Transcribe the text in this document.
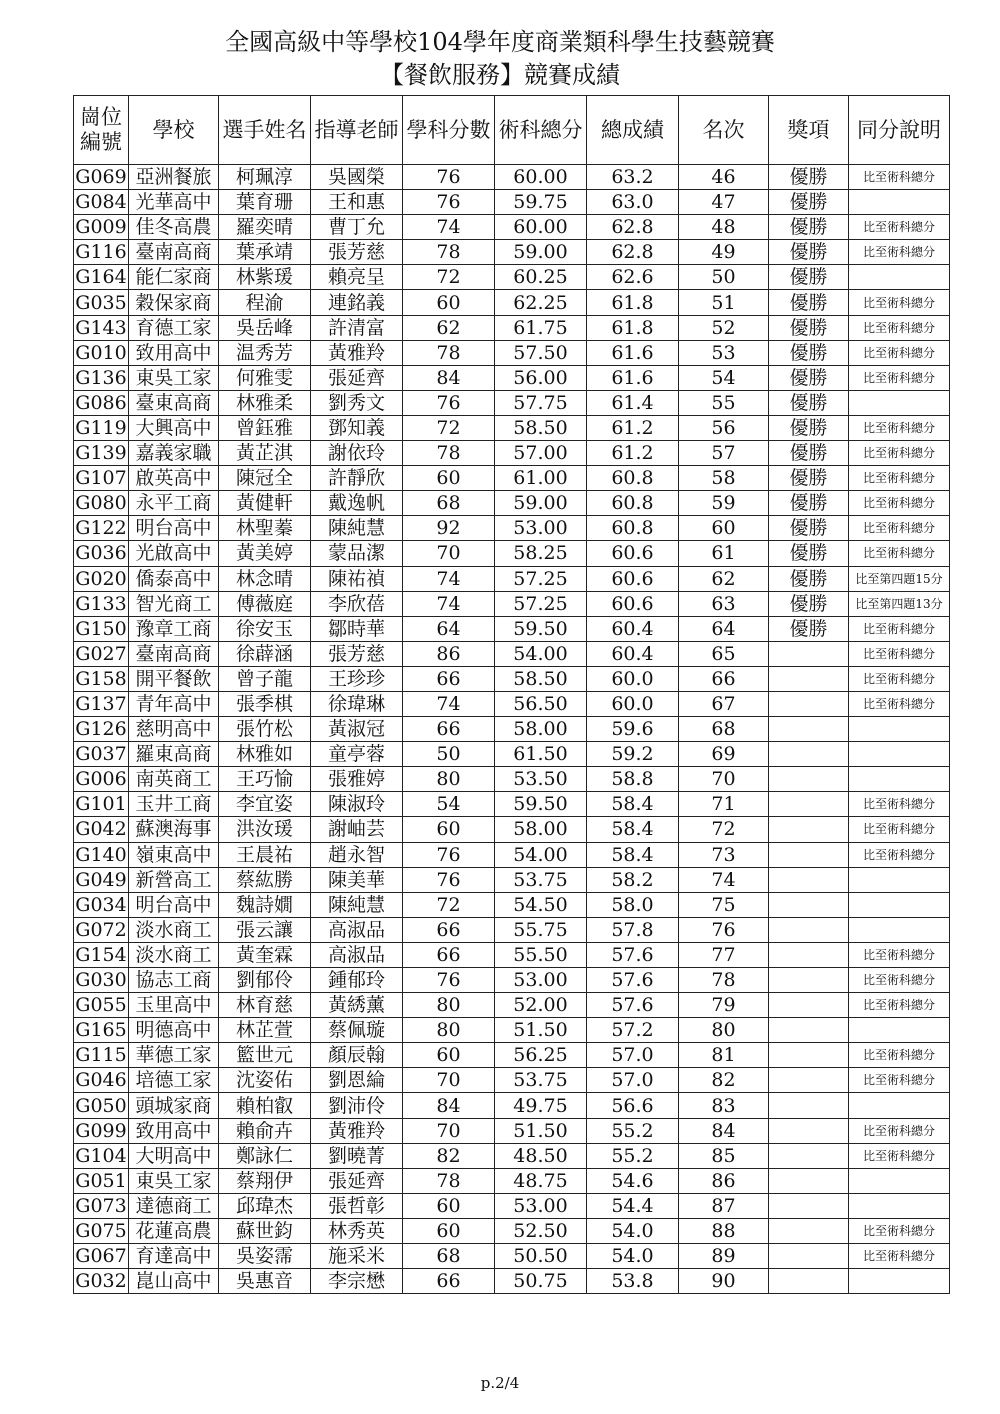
全國高級中等學校104學年度商業類科學生技藝競賽
【餐飲服務】競賽成績
崗位
編號	學校	選手姓名	指導老師	學科分數	術科總分	總成績	名次	獎項	同分說明
G069	亞洲餐旅	柯珮淳	吳國榮	76	60.00	63.2	46	優勝	比至術科總分
G084	光華高中	葉育珊	王和惠	76	59.75	63.0	47	優勝	
G009	佳冬高農	羅奕晴	曹丁允	74	60.00	62.8	48	優勝	比至術科總分
G116	臺南高商	葉承靖	張芳慈	78	59.00	62.8	49	優勝	比至術科總分
G164	能仁家商	林紫瑗	賴亮呈	72	60.25	62.6	50	優勝	
G035	穀保家商	程渝	連銘義	60	62.25	61.8	51	優勝	比至術科總分
G143	育德工家	吳岳峰	許清富	62	61.75	61.8	52	優勝	比至術科總分
G010	致用高中	温秀芳	黃雅羚	78	57.50	61.6	53	優勝	比至術科總分
G136	東吳工家	何雅雯	張延齊	84	56.00	61.6	54	優勝	比至術科總分
G086	臺東高商	林雅柔	劉秀文	76	57.75	61.4	55	優勝	
G119	大興高中	曾鈺雅	鄧知義	72	58.50	61.2	56	優勝	比至術科總分
G139	嘉義家職	黃芷淇	謝依玲	78	57.00	61.2	57	優勝	比至術科總分
G107	啟英高中	陳冠全	許靜欣	60	61.00	60.8	58	優勝	比至術科總分
G080	永平工商	黃健軒	戴逸帆	68	59.00	60.8	59	優勝	比至術科總分
G122	明台高中	林聖蓁	陳純慧	92	53.00	60.8	60	優勝	比至術科總分
G036	光啟高中	黃美婷	蒙品潔	70	58.25	60.6	61	優勝	比至術科總分
G020	僑泰高中	林念晴	陳祐禎	74	57.25	60.6	62	優勝	比至第四題15分
G133	智光商工	傅薇庭	李欣蓓	74	57.25	60.6	63	優勝	比至第四題13分
G150	豫章工商	徐安玉	鄒時華	64	59.50	60.4	64	優勝	比至術科總分
G027	臺南高商	徐薜涵	張芳慈	86	54.00	60.4	65		比至術科總分
G158	開平餐飲	曾子龍	王珍珍	66	58.50	60.0	66		比至術科總分
G137	青年高中	張季棋	徐瑋琳	74	56.50	60.0	67		比至術科總分
G126	慈明高中	張竹松	黃淑冠	66	58.00	59.6	68		
G037	羅東高商	林雅如	童亭蓉	50	61.50	59.2	69		
G006	南英商工	王巧愉	張雅婷	80	53.50	58.8	70		
G101	玉井工商	李宜姿	陳淑玲	54	59.50	58.4	71		比至術科總分
G042	蘇澳海事	洪汝瑗	謝岫芸	60	58.00	58.4	72		比至術科總分
G140	嶺東高中	王晨祐	趙永智	76	54.00	58.4	73		比至術科總分
G049	新營高工	蔡紘勝	陳美華	76	53.75	58.2	74		
G034	明台高中	魏詩嫺	陳純慧	72	54.50	58.0	75		
G072	淡水商工	張云讓	高淑品	66	55.75	57.8	76		
G154	淡水商工	黃奎霖	高淑品	66	55.50	57.6	77		比至術科總分
G030	協志工商	劉郁伶	鍾郁玲	76	53.00	57.6	78		比至術科總分
G055	玉里高中	林育慈	黃綉薰	80	52.00	57.6	79		比至術科總分
G165	明德高中	林芷萱	蔡佩璇	80	51.50	57.2	80		
G115	華德工家	籃世元	顏辰翰	60	56.25	57.0	81		比至術科總分
G046	培德工家	沈姿佑	劉恩綸	70	53.75	57.0	82		比至術科總分
G050	頭城家商	賴柏叡	劉沛伶	84	49.75	56.6	83		
G099	致用高中	賴俞卉	黃雅羚	70	51.50	55.2	84		比至術科總分
G104	大明高中	鄭詠仁	劉曉菁	82	48.50	55.2	85		比至術科總分
G051	東吳工家	蔡翔伊	張延齊	78	48.75	54.6	86		
G073	達德商工	邱瑋杰	張哲彰	60	53.00	54.4	87		
G075	花蓮高農	蘇世鈞	林秀英	60	52.50	54.0	88		比至術科總分
G067	育達高中	吳姿霈	施采米	68	50.50	54.0	89		比至術科總分
G032	崑山高中	吳惠音	李宗懋	66	50.75	53.8	90		
p.2/4
